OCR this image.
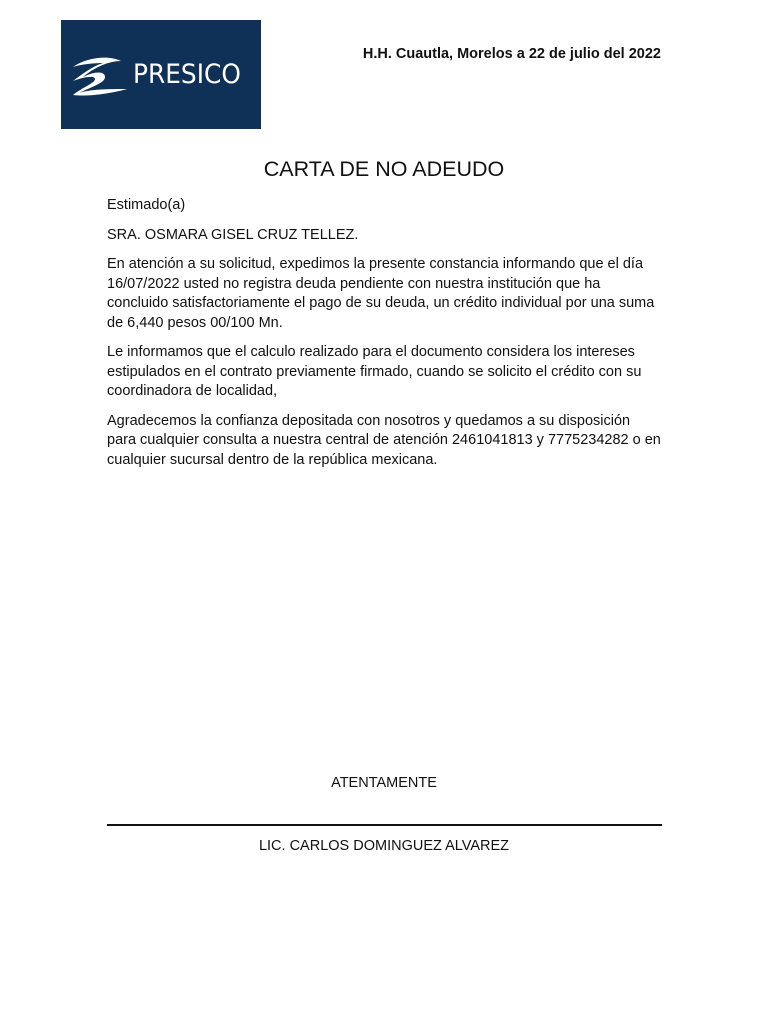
PRESICO
H.H. Cuautla, Morelos a 22 de julio del 2022
CARTA DE NO ADEUDO

Estimado(a)

SRA. OSMARA GISEL CRUZ TELLEZ.

En atención a su solicitud, expedimos la presente constancia informando que el día 16/07/2022 usted no registra deuda pendiente con nuestra institución que ha concluido satisfactoriamente el pago de su deuda, un crédito individual por una suma de 6,440 pesos 00/100 Mn.

Le informamos que el calculo realizado para el documento considera los intereses estipulados en el contrato previamente firmado, cuando se solicito el crédito con su coordinadora de localidad,

Agradecemos la confianza depositada con nosotros y quedamos a su disposición para cualquier consulta a nuestra central de atención 2461041813 y 7775234282 o en cualquier sucursal dentro de la república mexicana.

ATENTAMENTE
LIC. CARLOS DOMINGUEZ ALVAREZ
